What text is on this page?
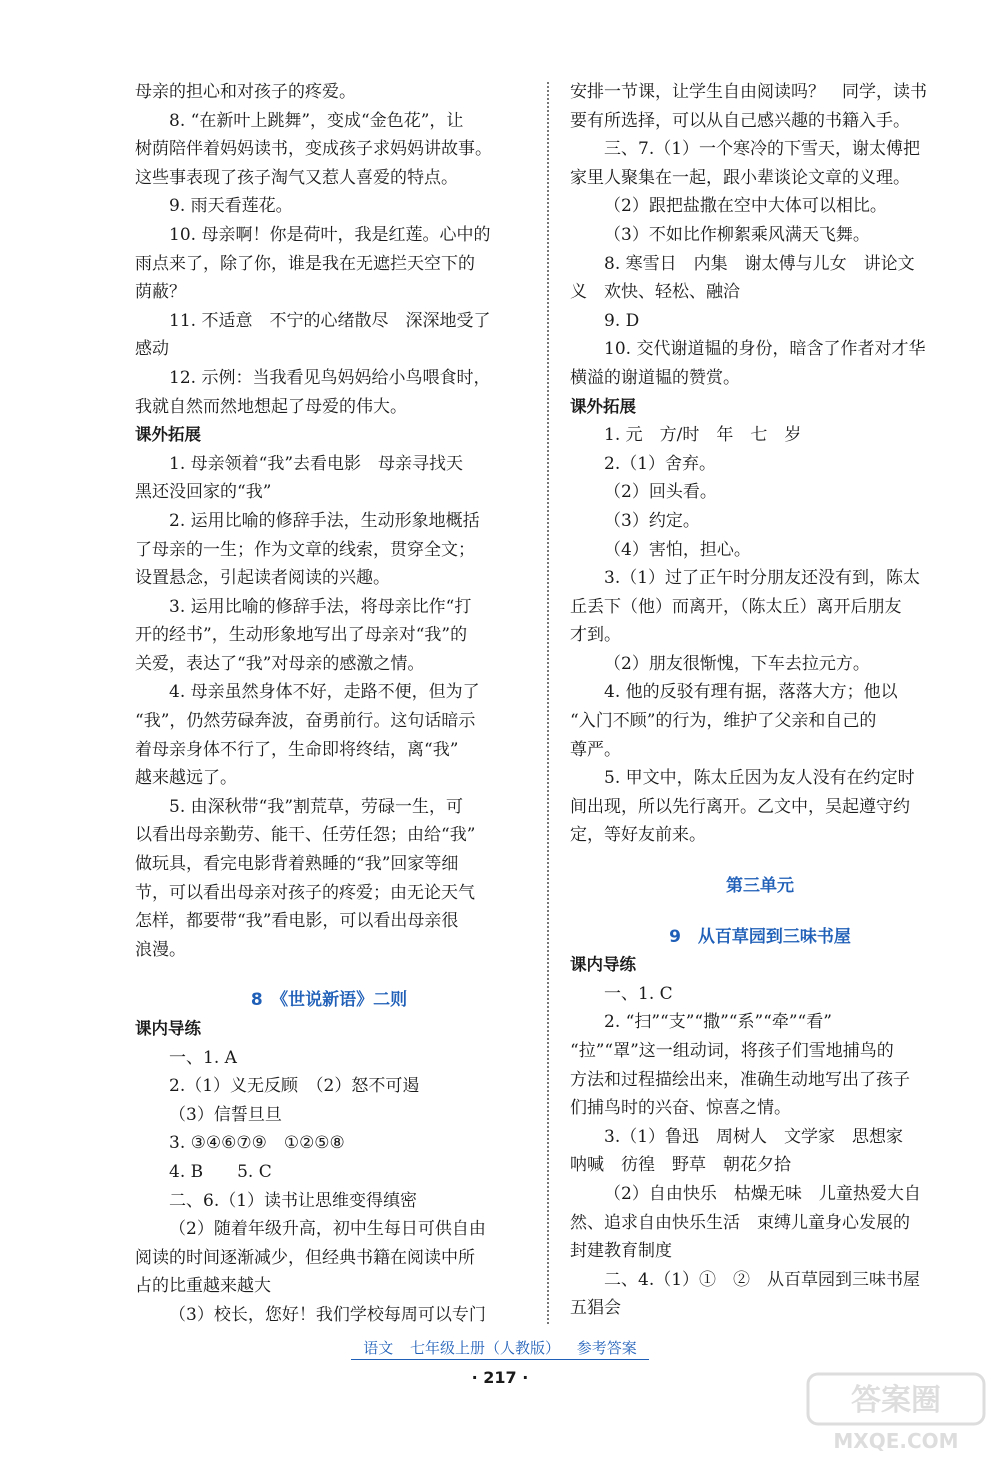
母亲的担心和对孩子的疼爱。
8. “在新叶上跳舞”，变成“金色花”，让
树荫陪伴着妈妈读书，变成孩子求妈妈讲故事。
这些事表现了孩子淘气又惹人喜爱的特点。
9. 雨天看莲花。
10. 母亲啊！你是荷叶，我是红莲。心中的
雨点来了，除了你，谁是我在无遮拦天空下的
荫蔽？
11. 不适意　不宁的心绪散尽　深深地受了
感动
12. 示例：当我看见鸟妈妈给小鸟喂食时，
我就自然而然地想起了母爱的伟大。
课外拓展
1. 母亲领着“我”去看电影　母亲寻找天
黑还没回家的“我”
2. 运用比喻的修辞手法，生动形象地概括
了母亲的一生；作为文章的线索，贯穿全文；
设置悬念，引起读者阅读的兴趣。
3. 运用比喻的修辞手法，将母亲比作“打
开的经书”，生动形象地写出了母亲对“我”的
关爱，表达了“我”对母亲的感激之情。
4. 母亲虽然身体不好，走路不便，但为了
“我”，仍然劳碌奔波，奋勇前行。这句话暗示
着母亲身体不行了，生命即将终结，离“我”
越来越远了。
5. 由深秋带“我”割荒草，劳碌一生，可
以看出母亲勤劳、能干、任劳任怨；由给“我”
做玩具，看完电影背着熟睡的“我”回家等细
节，可以看出母亲对孩子的疼爱；由无论天气
怎样，都要带“我”看电影，可以看出母亲很
浪漫。
8　《世说新语》二则
课内导练
一、1. A
2.（1）义无反顾　（2）怒不可遏
（3）信誓旦旦
3. ③④⑥⑦⑨　①②⑤⑧
4. B　　5. C
二、6.（1）读书让思维变得缜密
（2）随着年级升高，初中生每日可供自由
阅读的时间逐渐减少，但经典书籍在阅读中所
占的比重越来越大
（3）校长，您好！我们学校每周可以专门
安排一节课，让学生自由阅读吗？　同学，读书
要有所选择，可以从自己感兴趣的书籍入手。
三、7.（1）一个寒冷的下雪天，谢太傅把
家里人聚集在一起，跟小辈谈论文章的义理。
（2）跟把盐撒在空中大体可以相比。
（3）不如比作柳絮乘风满天飞舞。
8. 寒雪日　内集　谢太傅与儿女　讲论文
义　欢快、轻松、融洽
9. D
10. 交代谢道韫的身份，暗含了作者对才华
横溢的谢道韫的赞赏。
课外拓展
1. 元　方/时　年　七　岁
2.（1）舍弃。
（2）回头看。
（3）约定。
（4）害怕，担心。
3.（1）过了正午时分朋友还没有到，陈太
丘丢下（他）而离开，（陈太丘）离开后朋友
才到。
（2）朋友很惭愧，下车去拉元方。
4. 他的反驳有理有据，落落大方；他以
“入门不顾”的行为，维护了父亲和自己的
尊严。
5. 甲文中，陈太丘因为友人没有在约定时
间出现，所以先行离开。乙文中，吴起遵守约
定，等好友前来。
第三单元
9　从百草园到三味书屋
课内导练
一、1. C
2. “扫”“支”“撒”“系”“牵”“看”
“拉”“罩”这一组动词，将孩子们雪地捕鸟的
方法和过程描绘出来，准确生动地写出了孩子
们捕鸟时的兴奋、惊喜之情。
3.（1）鲁迅　周树人　文学家　思想家
呐喊　彷徨　野草　朝花夕拾
（2）自由快乐　枯燥无味　儿童热爱大自
然、追求自由快乐生活　束缚儿童身心发展的
封建教育制度
二、4.（1）①　②　从百草园到三味书屋
五猖会
语文 七年级上册（人教版） 参考答案
· 217 ·
答案圈
MXQE.COM
